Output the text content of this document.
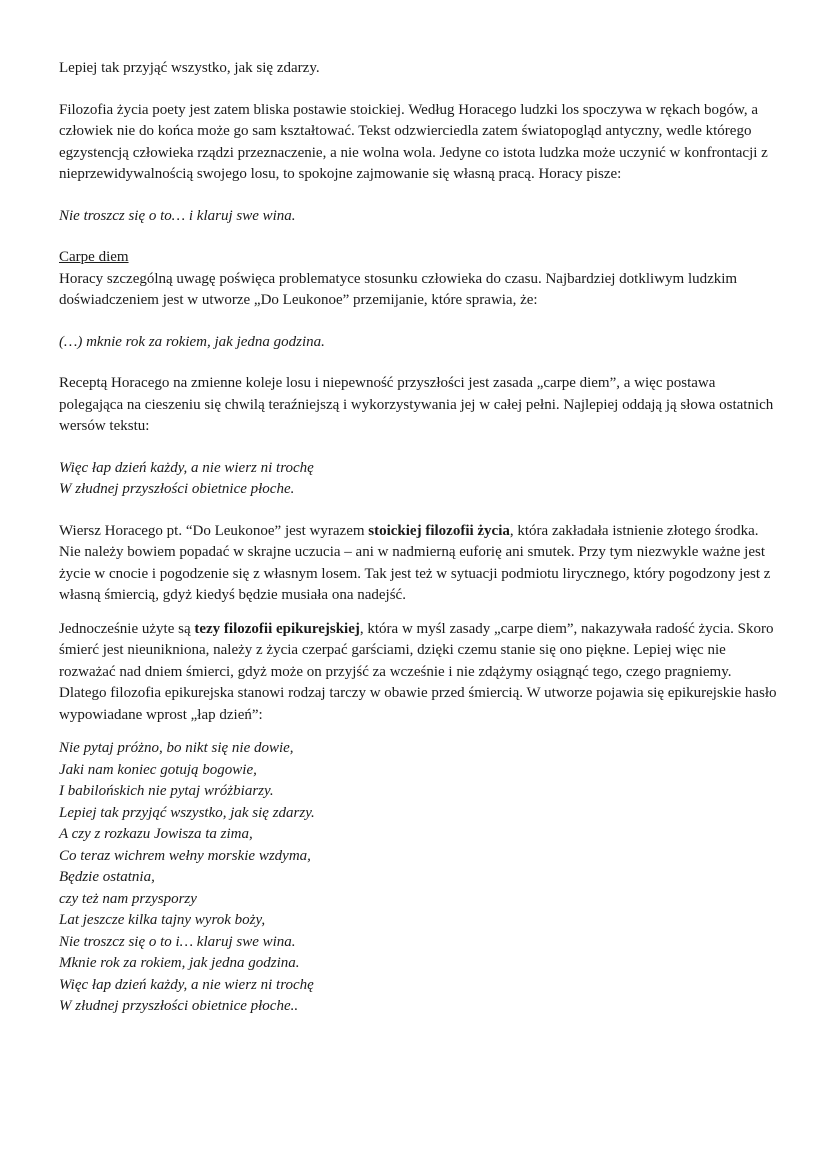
Lepiej tak przyjąć wszystko, jak się zdarzy.

Filozofia życia poety jest zatem bliska postawie stoickiej. Według Horacego ludzki los spoczywa w rękach bogów, a człowiek nie do końca może go sam kształtować. Tekst odzwierciedla zatem światopogląd antyczny, wedle którego egzystencją człowieka rządzi przeznaczenie, a nie wolna wola. Jedyne co istota ludzka może uczynić w konfrontacji z nieprzewidywalnością swojego losu, to spokojne zajmowanie się własną pracą. Horacy pisze:

Nie troszcz się o to… i klaruj swe wina.

Carpe diem

Horacy szczególną uwagę poświęca problematyce stosunku człowieka do czasu. Najbardziej dotkliwym ludzkim doświadczeniem jest w utworze „Do Leukonoe” przemijanie, które sprawia, że:

(…) mknie rok za rokiem, jak jedna godzina.

Receptą Horacego na zmienne koleje losu i niepewność przyszłości jest zasada „carpe diem”, a więc postawa polegająca na cieszeniu się chwilą teraźniejszą i wykorzystywania jej w całej pełni. Najlepiej oddają ją słowa ostatnich wersów tekstu:

Więc łap dzień każdy, a nie wierz ni trochę

W złudnej przyszłości obietnice płoche.

Wiersz Horacego pt. “Do Leukonoe” jest wyrazem stoickiej filozofii życia, która zakładała istnienie złotego środka. Nie należy bowiem popadać w skrajne uczucia – ani w nadmierną euforię ani smutek. Przy tym niezwykle ważne jest życie w cnocie i pogodzenie się z własnym losem. Tak jest też w sytuacji podmiotu lirycznego, który pogodzony jest z własną śmiercią, gdyż kiedyś będzie musiała ona nadejść.

Jednocześnie użyte są tezy filozofii epikurejskiej, która w myśl zasady „carpe diem”, nakazywała radość życia. Skoro śmierć jest nieunikniona, należy z życia czerpać garściami, dzięki czemu stanie się ono piękne. Lepiej więc nie rozważać nad dniem śmierci, gdyż może on przyjść za wcześnie i nie zdążymy osiągnąć tego, czego pragniemy. Dlatego filozofia epikurejska stanowi rodzaj tarczy w obawie przed śmiercią. W utworze pojawia się epikurejskie hasło wypowiadane wprost „łap dzień”:

Nie pytaj próżno, bo nikt się nie dowie,

Jaki nam koniec gotują bogowie,

I babilońskich nie pytaj wróżbiarzy.

Lepiej tak przyjąć wszystko, jak się zdarzy.

A czy z rozkazu Jowisza ta zima,

Co teraz wichrem wełny morskie wzdyma,

Będzie ostatnia,

czy też nam przysporzy

Lat jeszcze kilka tajny wyrok boży,

Nie troszcz się o to i… klaruj swe wina.

Mknie rok za rokiem, jak jedna godzina.

Więc łap dzień każdy, a nie wierz ni trochę

W złudnej przyszłości obietnice płoche..
